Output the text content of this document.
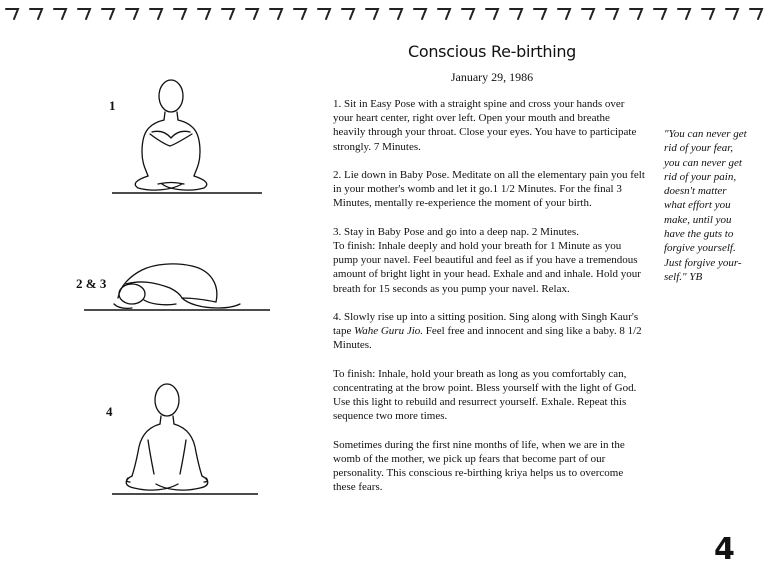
Conscious Re-birthing
January 29, 1986
1
2 & 3
4

1. Sit in Easy Pose with a straight spine and cross your hands over your heart center, right over left. Open your mouth and breathe heavily through your throat. Close your eyes. You have to participate strongly. 7 Minutes.

2. Lie down in Baby Pose. Meditate on all the elementary pain you felt in your mother's womb and let it go.1 1/2 Minutes. For the final 3 Minutes, mentally re-experience the moment of your birth.

3. Stay in Baby Pose and go into a deep nap. 2 Minutes.

To finish: Inhale deeply and hold your breath for 1 Minute as you pump your navel. Feel beautiful and feel as if you have a tremendous amount of bright light in your head. Exhale and and inhale. Hold your breath for 15 seconds as you pump your navel. Relax.

4. Slowly rise up into a sitting position. Sing along with Singh Kaur's tape Wahe Guru Jio. Feel free and innocent and sing like a baby. 8 1/2 Minutes.

To finish: Inhale, hold your breath as long as you comfortably can, concentrating at the brow point. Bless yourself with the light of God. Use this light to rebuild and resurrect yourself. Exhale. Repeat this sequence two more times.

Sometimes during the first nine months of life, when we are in the womb of the mother, we pick up fears that become part of our personality. This conscious re-birthing kriya helps us to overcome these fears.

"You can never get rid of your fear, you can never get rid of your pain, doesn't matter what effort you make, until you have the guts to forgive yourself. Just forgive your-self." YB
4
